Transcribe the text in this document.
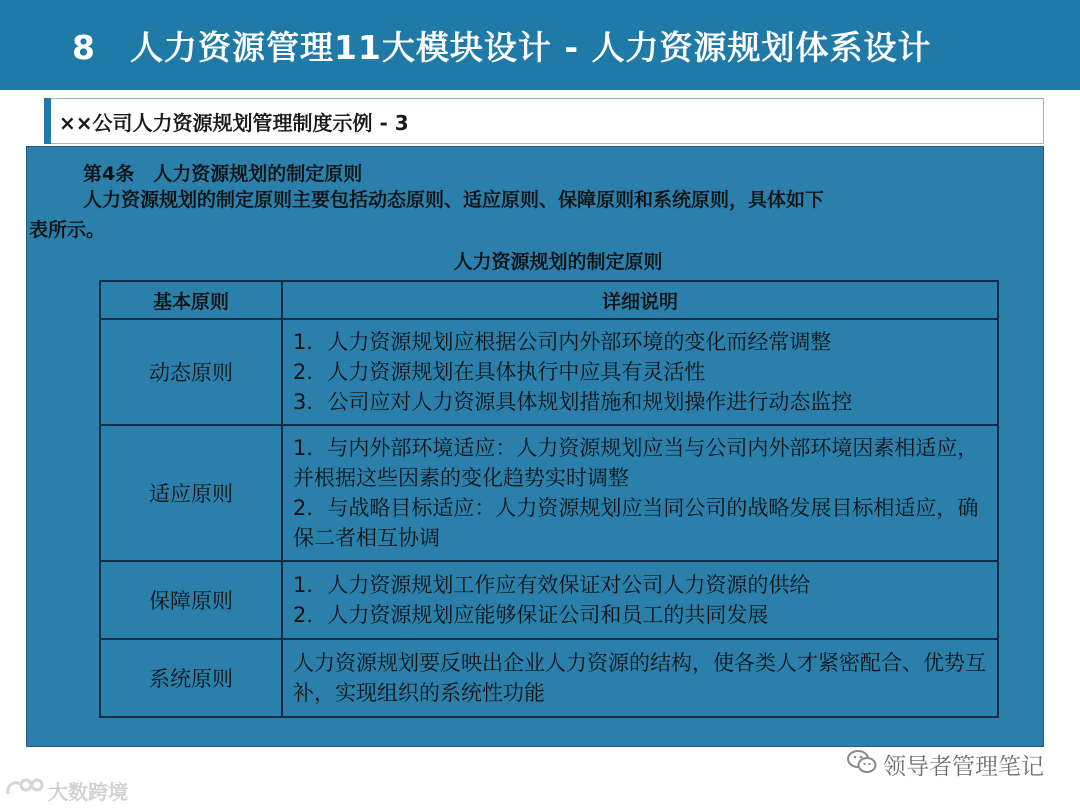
8　人力资源管理11大模块设计 - 人力资源规划体系设计
××公司人力资源规划管理制度示例 - 3
第4条　人力资源规划的制定原则
人力资源规划的制定原则主要包括动态原则、适应原则、保障原则和系统原则，具体如下
表所示。
人力资源规划的制定原则
基本原则	详细说明
动态原则	1．人力资源规划应根据公司内外部环境的变化而经常调整
2．人力资源规划在具体执行中应具有灵活性
3．公司应对人力资源具体规划措施和规划操作进行动态监控

适应原则	1．与内外部环境适应：人力资源规划应当与公司内外部环境因素相适应，并根据这些因素的变化趋势实时调整
2．与战略目标适应：人力资源规划应当同公司的战略发展目标相适应，确保二者相互协调

保障原则	1．人力资源规划工作应有效保证对公司人力资源的供给
2．人力资源规划应能够保证公司和员工的共同发展

系统原则	人力资源规划要反映出企业人力资源的结构，使各类人才紧密配合、优势互补，实现组织的系统性功能
领导者管理笔记
大数跨境
